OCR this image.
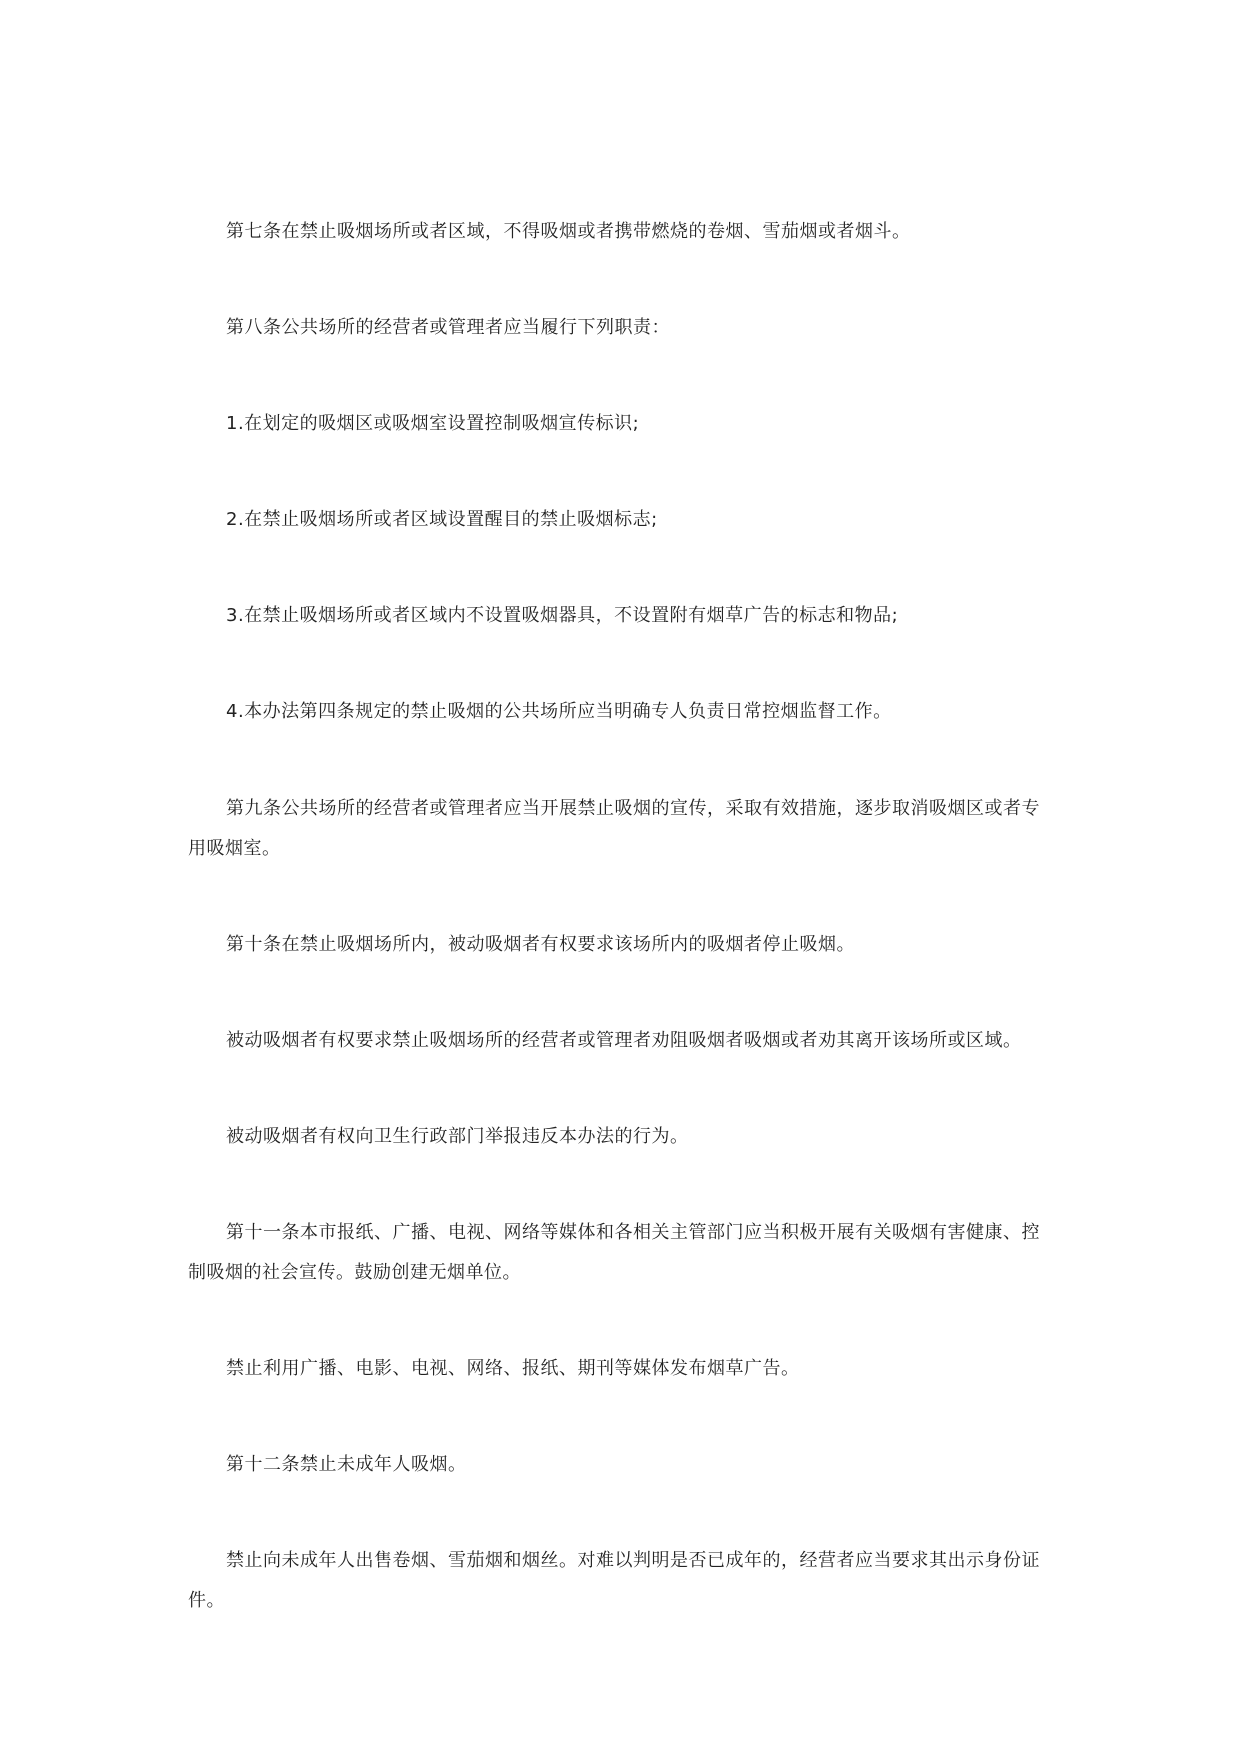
第七条在禁止吸烟场所或者区域，不得吸烟或者携带燃烧的卷烟、雪茄烟或者烟斗。

第八条公共场所的经营者或管理者应当履行下列职责：

1.在划定的吸烟区或吸烟室设置控制吸烟宣传标识;

2.在禁止吸烟场所或者区域设置醒目的禁止吸烟标志;

3.在禁止吸烟场所或者区域内不设置吸烟器具，不设置附有烟草广告的标志和物品;

4.本办法第四条规定的禁止吸烟的公共场所应当明确专人负责日常控烟监督工作。

第九条公共场所的经营者或管理者应当开展禁止吸烟的宣传，采取有效措施，逐步取消吸烟区或者专用吸烟室。

第十条在禁止吸烟场所内，被动吸烟者有权要求该场所内的吸烟者停止吸烟。

被动吸烟者有权要求禁止吸烟场所的经营者或管理者劝阻吸烟者吸烟或者劝其离开该场所或区域。

被动吸烟者有权向卫生行政部门举报违反本办法的行为。

第十一条本市报纸、广播、电视、网络等媒体和各相关主管部门应当积极开展有关吸烟有害健康、控制吸烟的社会宣传。鼓励创建无烟单位。

禁止利用广播、电影、电视、网络、报纸、期刊等媒体发布烟草广告。

第十二条禁止未成年人吸烟。

禁止向未成年人出售卷烟、雪茄烟和烟丝。对难以判明是否已成年的，经营者应当要求其出示身份证件。
